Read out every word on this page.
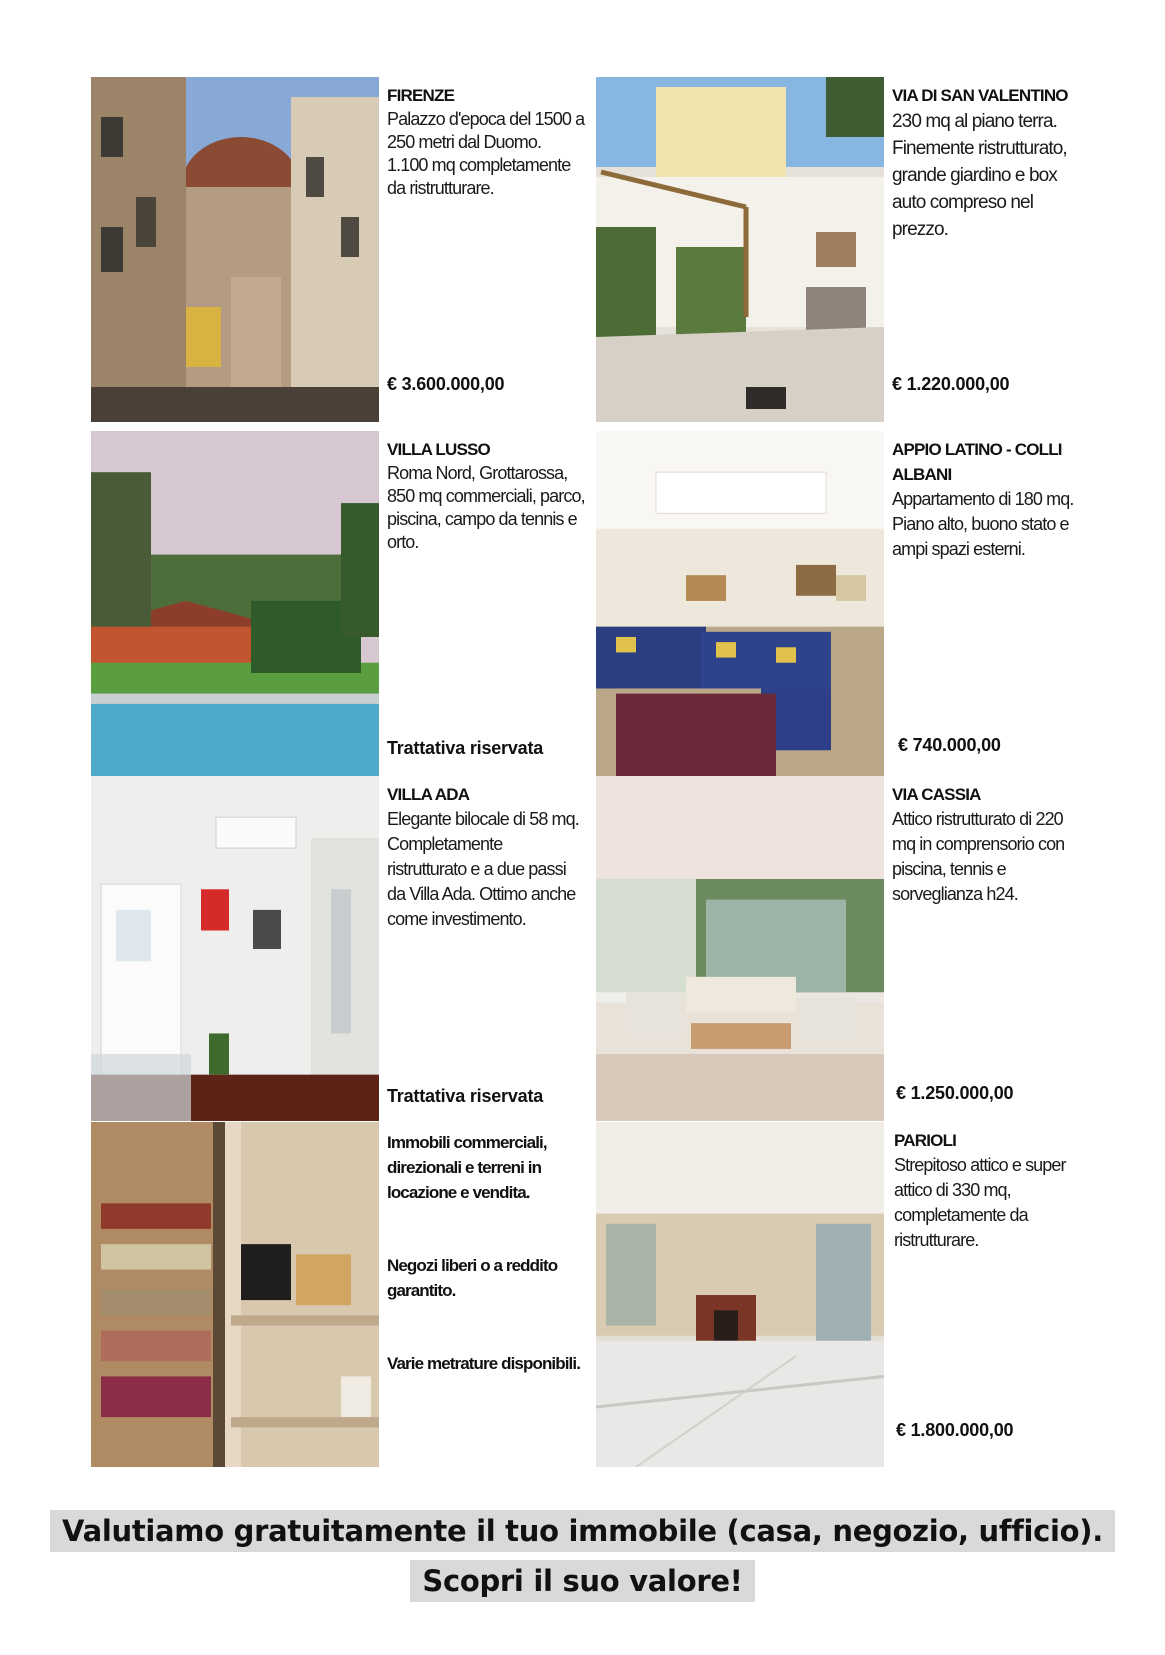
FIRENZE
Palazzo d'epoca del 1500 a 250 metri dal Duomo.
1.100 mq completamente da ristrutturare.
€ 3.600.000,00
VIA DI SAN VALENTINO
230 mq al piano terra. Finemente ristrutturato, grande giardino e box auto compreso nel prezzo.
€ 1.220.000,00
VILLA LUSSO
Roma Nord, Grottarossa, 850 mq commerciali, parco, piscina, campo da tennis e orto.
Trattativa riservata
APPIO LATINO - COLLI ALBANI
Appartamento di 180 mq. Piano alto, buono stato e ampi spazi esterni.
€ 740.000,00
VILLA ADA
Elegante bilocale di 58 mq. Completamente ristrutturato e a due passi da Villa Ada. Ottimo anche come investimento.
Trattativa riservata
VIA CASSIA
Attico ristrutturato di 220 mq in comprensorio con piscina, tennis e sorveglianza h24.
€ 1.250.000,00
Immobili commerciali, direzionali e terreni in locazione e vendita.
Negozi liberi o a reddito garantito.
Varie metrature disponibili.
PARIOLI
Strepitoso attico e super attico di 330 mq, completamente da ristrutturare.
€ 1.800.000,00
Valutiamo gratuitamente il tuo immobile (casa, negozio, ufficio).
Scopri il suo valore!
